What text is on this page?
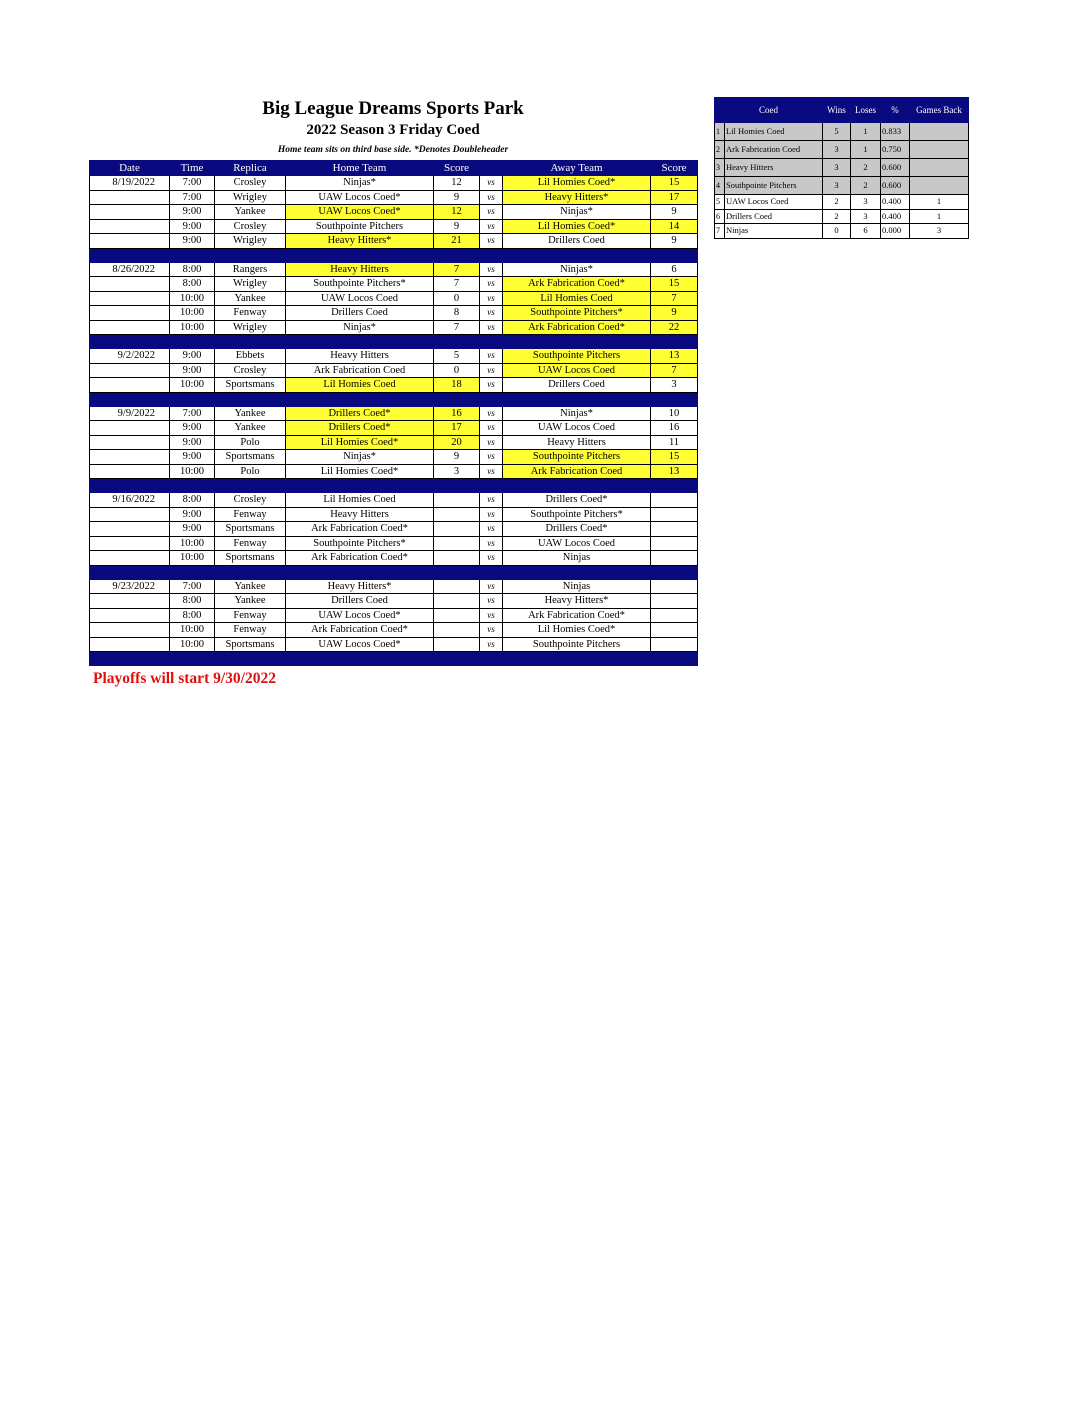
Big League Dreams Sports Park
2022 Season 3 Friday Coed
Home team sits on third base side. *Denotes Doubleheader
Date	Time	Replica	Home Team	Score		Away Team	Score
8/19/2022	7:00	Crosley	Ninjas*	12	vs	Lil Homies Coed*	15
	7:00	Wrigley	UAW Locos Coed*	9	vs	Heavy Hitters*	17
	9:00	Yankee	UAW Locos Coed*	12	vs	Ninjas*	9
	9:00	Crosley	Southpointe Pitchers	9	vs	Lil Homies Coed*	14
	9:00	Wrigley	Heavy Hitters*	21	vs	Drillers Coed	9

8/26/2022	8:00	Rangers	Heavy Hitters	7	vs	Ninjas*	6
	8:00	Wrigley	Southpointe Pitchers*	7	vs	Ark Fabrication Coed*	15
	10:00	Yankee	UAW Locos Coed	0	vs	Lil Homies Coed	7
	10:00	Fenway	Drillers Coed	8	vs	Southpointe Pitchers*	9
	10:00	Wrigley	Ninjas*	7	vs	Ark Fabrication Coed*	22

9/2/2022	9:00	Ebbets	Heavy Hitters	5	vs	Southpointe Pitchers	13
	9:00	Crosley	Ark Fabrication Coed	0	vs	UAW Locos Coed	7
	10:00	Sportsmans	Lil Homies Coed	18	vs	Drillers Coed	3

9/9/2022	7:00	Yankee	Drillers Coed*	16	vs	Ninjas*	10
	9:00	Yankee	Drillers Coed*	17	vs	UAW Locos Coed	16
	9:00	Polo	Lil Homies Coed*	20	vs	Heavy Hitters	11
	9:00	Sportsmans	Ninjas*	9	vs	Southpointe Pitchers	15
	10:00	Polo	Lil Homies Coed*	3	vs	Ark Fabrication Coed	13

9/16/2022	8:00	Crosley	Lil Homies Coed		vs	Drillers Coed*	
	9:00	Fenway	Heavy Hitters		vs	Southpointe Pitchers*	
	9:00	Sportsmans	Ark Fabrication Coed*		vs	Drillers Coed*	
	10:00	Fenway	Southpointe Pitchers*		vs	UAW Locos Coed	
	10:00	Sportsmans	Ark Fabrication Coed*		vs	Ninjas	

9/23/2022	7:00	Yankee	Heavy Hitters*		vs	Ninjas	
	8:00	Yankee	Drillers Coed		vs	Heavy Hitters*	
	8:00	Fenway	UAW Locos Coed*		vs	Ark Fabrication Coed*	
	10:00	Fenway	Ark Fabrication Coed*		vs	Lil Homies Coed*	
	10:00	Sportsmans	UAW Locos Coed*		vs	Southpointe Pitchers	

Coed		Wins	Loses	%	Games Back
1	Lil Homies Coed	5	1	0.833	
2	Ark Fabrication Coed	3	1	0.750	
3	Heavy Hitters	3	2	0.600	
4	Southpointe Pitchers	3	2	0.600	
5	UAW Locos Coed	2	3	0.400	1
6	Drillers Coed	2	3	0.400	1
7	Ninjas	0	6	0.000	3
Playoffs will start 9/30/2022
